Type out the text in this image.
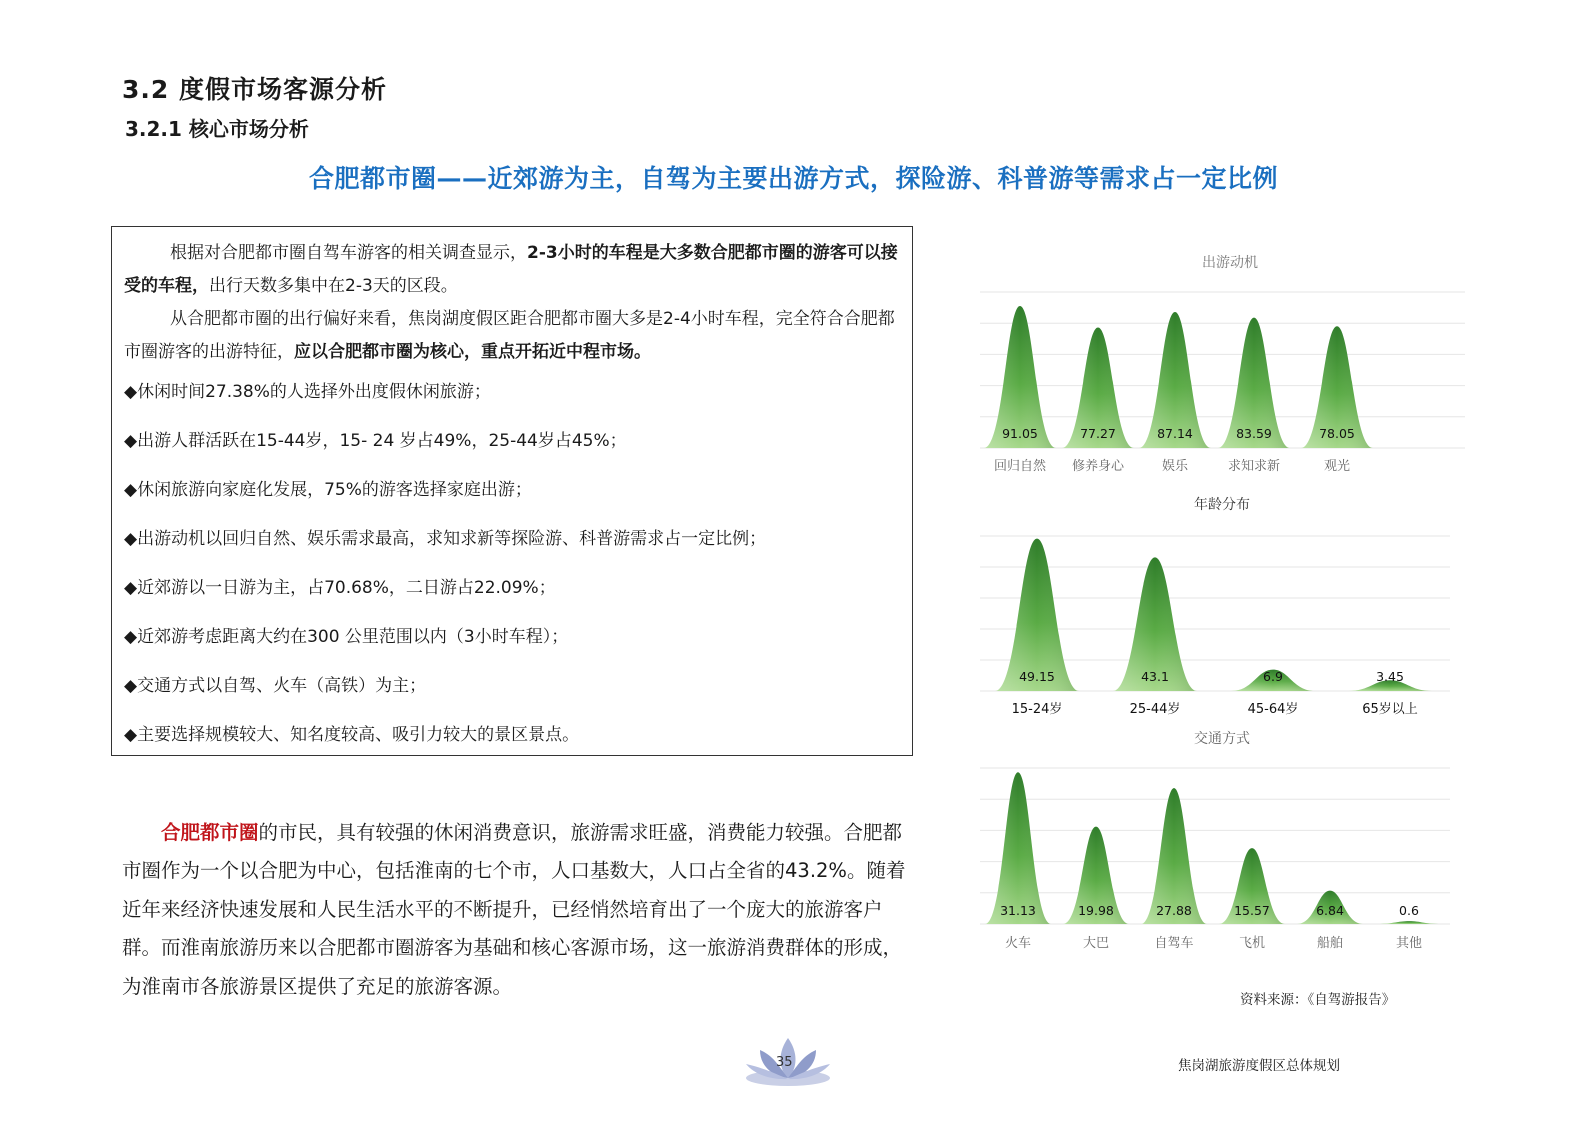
3.2 度假市场客源分析
3.2.1 核心市场分析
合肥都市圈——近郊游为主，自驾为主要出游方式，探险游、科普游等需求占一定比例
根据对合肥都市圈自驾车游客的相关调查显示，2-3小时的车程是大多数合肥都市圈的游客可以接受的车程，出行天数多集中在2-3天的区段。
从合肥都市圈的出行偏好来看，焦岗湖度假区距合肥都市圈大多是2-4小时车程，完全符合合肥都市圈游客的出游特征，应以合肥都市圈为核心，重点开拓近中程市场。
◆休闲时间27.38%的人选择外出度假休闲旅游；
◆出游人群活跃在15-44岁，15- 24 岁占49%，25-44岁占45%；
◆休闲旅游向家庭化发展，75%的游客选择家庭出游；
◆出游动机以回归自然、娱乐需求最高，求知求新等探险游、科普游需求占一定比例；
◆近郊游以一日游为主，占70.68%，二日游占22.09%；
◆近郊游考虑距离大约在300 公里范围以内（3小时车程）；
◆交通方式以自驾、火车（高铁）为主；
◆主要选择规模较大、知名度较高、吸引力较大的景区景点。
合肥都市圈的市民，具有较强的休闲消费意识，旅游需求旺盛，消费能力较强。合肥都市圈作为一个以合肥为中心，包括淮南的七个市，人口基数大，人口占全省的43.2%。随着近年来经济快速发展和人民生活水平的不断提升，已经悄然培育出了一个庞大的旅游客户群。而淮南旅游历来以合肥都市圈游客为基础和核心客源市场，这一旅游消费群体的形成，为淮南市各旅游景区提供了充足的旅游客源。
出游动机
91.05
回归自然
77.27
修养身心
87.14
娱乐
83.59
求知求新
78.05
观光
年龄分布
49.15
15-24岁
43.1
25-44岁
6.9
45-64岁
3.45
65岁以上
交通方式
31.13
火车
19.98
大巴
27.88
自驾车
15.57
飞机
6.84
船舶
0.6
其他
资料来源：《自驾游报告》
35	焦岗湖旅游度假区总体规划
